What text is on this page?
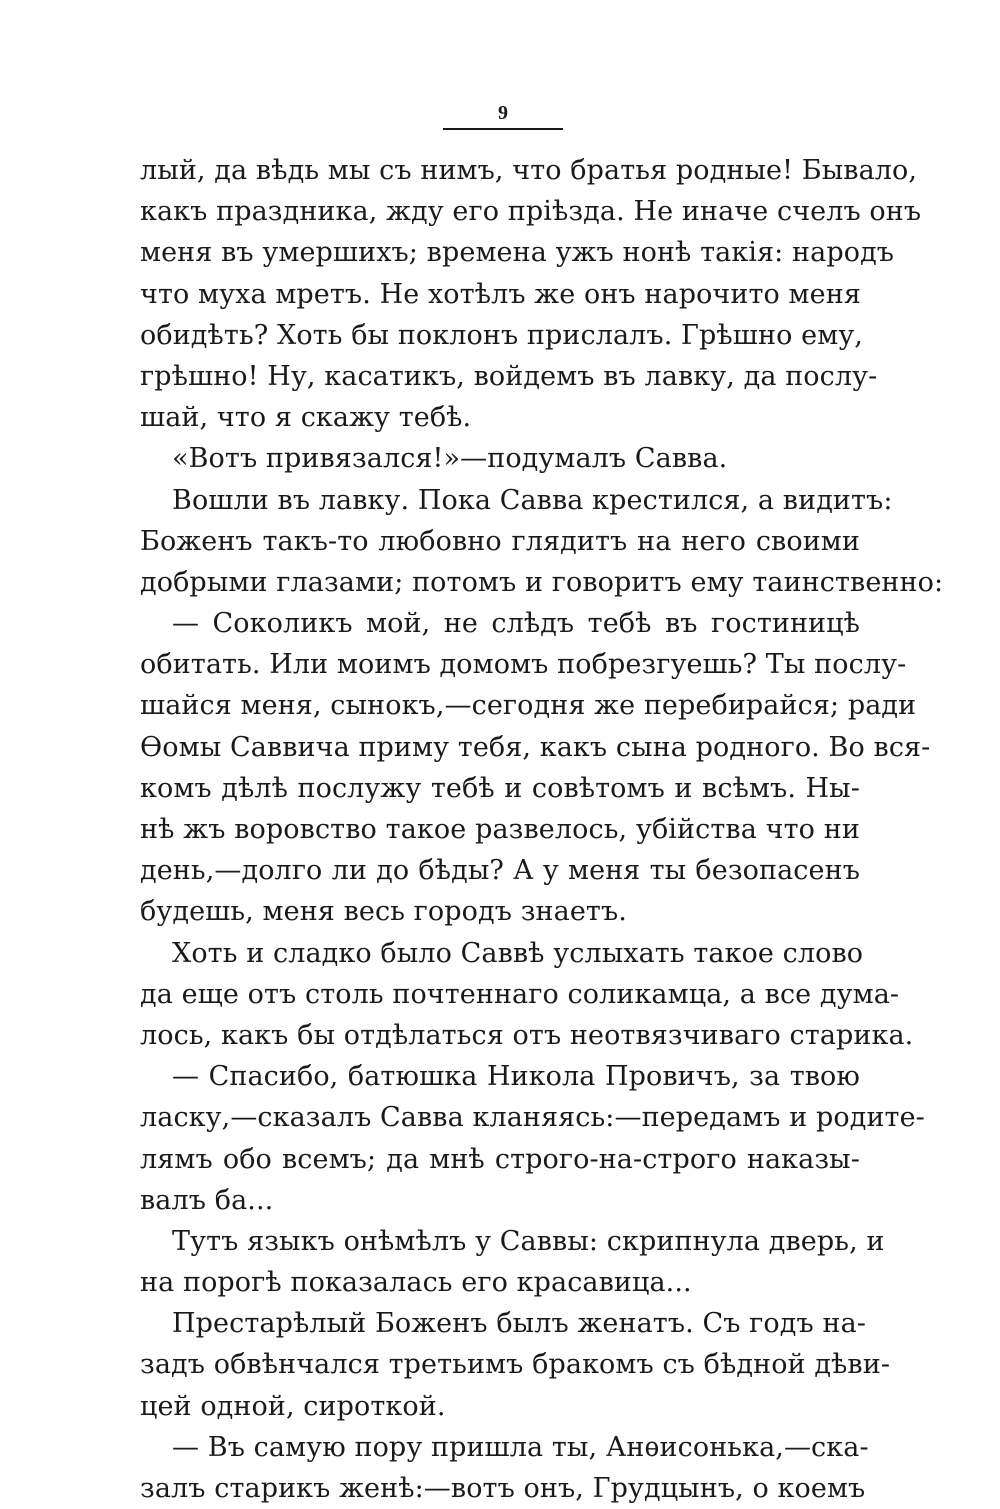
9
лый, да вѣдь мы съ нимъ, что братья родные! Бывало,
какъ праздника, жду его пріѣзда. Не иначе счелъ онъ
меня въ умершихъ; времена ужъ нонѣ такія: народъ
что муха мретъ. Не хотѣлъ же онъ нарочито меня
обидѣть? Хоть бы поклонъ прислалъ. Грѣшно ему,
грѣшно! Ну, касатикъ, войдемъ въ лавку, да послу-
шай, что я скажу тебѣ.
«Вотъ привязался!»—подумалъ Савва.
Вошли въ лавку. Пока Савва крестился, а видитъ:
Боженъ такъ-то любовно глядитъ на него своими
добрыми глазами; потомъ и говоритъ ему таинственно:
— Соколикъ мой, не слѣдъ тебѣ въ гостиницѣ
обитать. Или моимъ домомъ побрезгуешь? Ты послу-
шайся меня, сынокъ,—сегодня же перебирайся; ради
Ѳомы Саввича приму тебя, какъ сына родного. Во вся-
комъ дѣлѣ послужу тебѣ и совѣтомъ и всѣмъ. Ны-
нѣ жъ воровство такое развелось, убійства что ни
день,—долго ли до бѣды? А у меня ты безопасенъ
будешь, меня весь городъ знаетъ.
Хоть и сладко было Саввѣ услыхать такое слово
да еще отъ столь почтеннаго соликамца, а все дума-
лось, какъ бы отдѣлаться отъ неотвязчиваго старика.
— Спасибо, батюшка Никола Провичъ, за твою
ласку,—сказалъ Савва кланяясь:—передамъ и родите-
лямъ обо всемъ; да мнѣ строго-на-строго наказы-
валъ ба...
Тутъ языкъ онѣмѣлъ у Саввы: скрипнула дверь, и
на порогѣ показалась его красавица...
Престарѣлый Боженъ былъ женатъ. Съ годъ на-
задъ обвѣнчался третьимъ бракомъ съ бѣдной дѣви-
цей одной, сироткой.
— Въ самую пору пришла ты, Анѳисонька,—ска-
залъ старикъ женѣ:—вотъ онъ, Грудцынъ, о коемъ
